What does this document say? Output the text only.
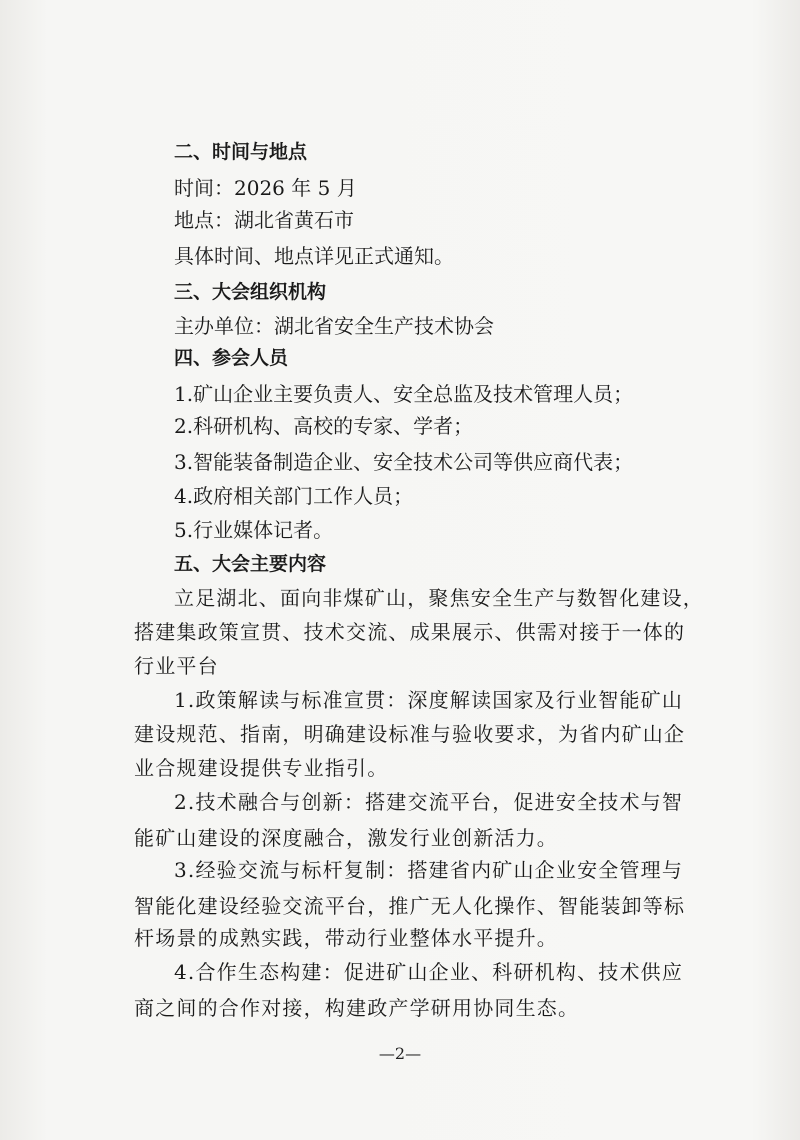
二、时间与地点
时间：2026 年 5 月
地点：湖北省黄石市
具体时间、地点详见正式通知。
三、大会组织机构
主办单位：湖北省安全生产技术协会
四、参会人员
1.矿山企业主要负责人、安全总监及技术管理人员；
2.科研机构、高校的专家、学者；
3.智能装备制造企业、安全技术公司等供应商代表；
4.政府相关部门工作人员；
5.行业媒体记者。
五、大会主要内容
立足湖北、面向非煤矿山，聚焦安全生产与数智化建设，
搭建集政策宣贯、技术交流、成果展示、供需对接于一体的
行业平台
1.政策解读与标准宣贯：深度解读国家及行业智能矿山
建设规范、指南，明确建设标准与验收要求，为省内矿山企
业合规建设提供专业指引。
2.技术融合与创新：搭建交流平台，促进安全技术与智
能矿山建设的深度融合，激发行业创新活力。
3.经验交流与标杆复制：搭建省内矿山企业安全管理与
智能化建设经验交流平台，推广无人化操作、智能装卸等标
杆场景的成熟实践，带动行业整体水平提升。
4.合作生态构建：促进矿山企业、科研机构、技术供应
商之间的合作对接，构建政产学研用协同生态。
—2—
